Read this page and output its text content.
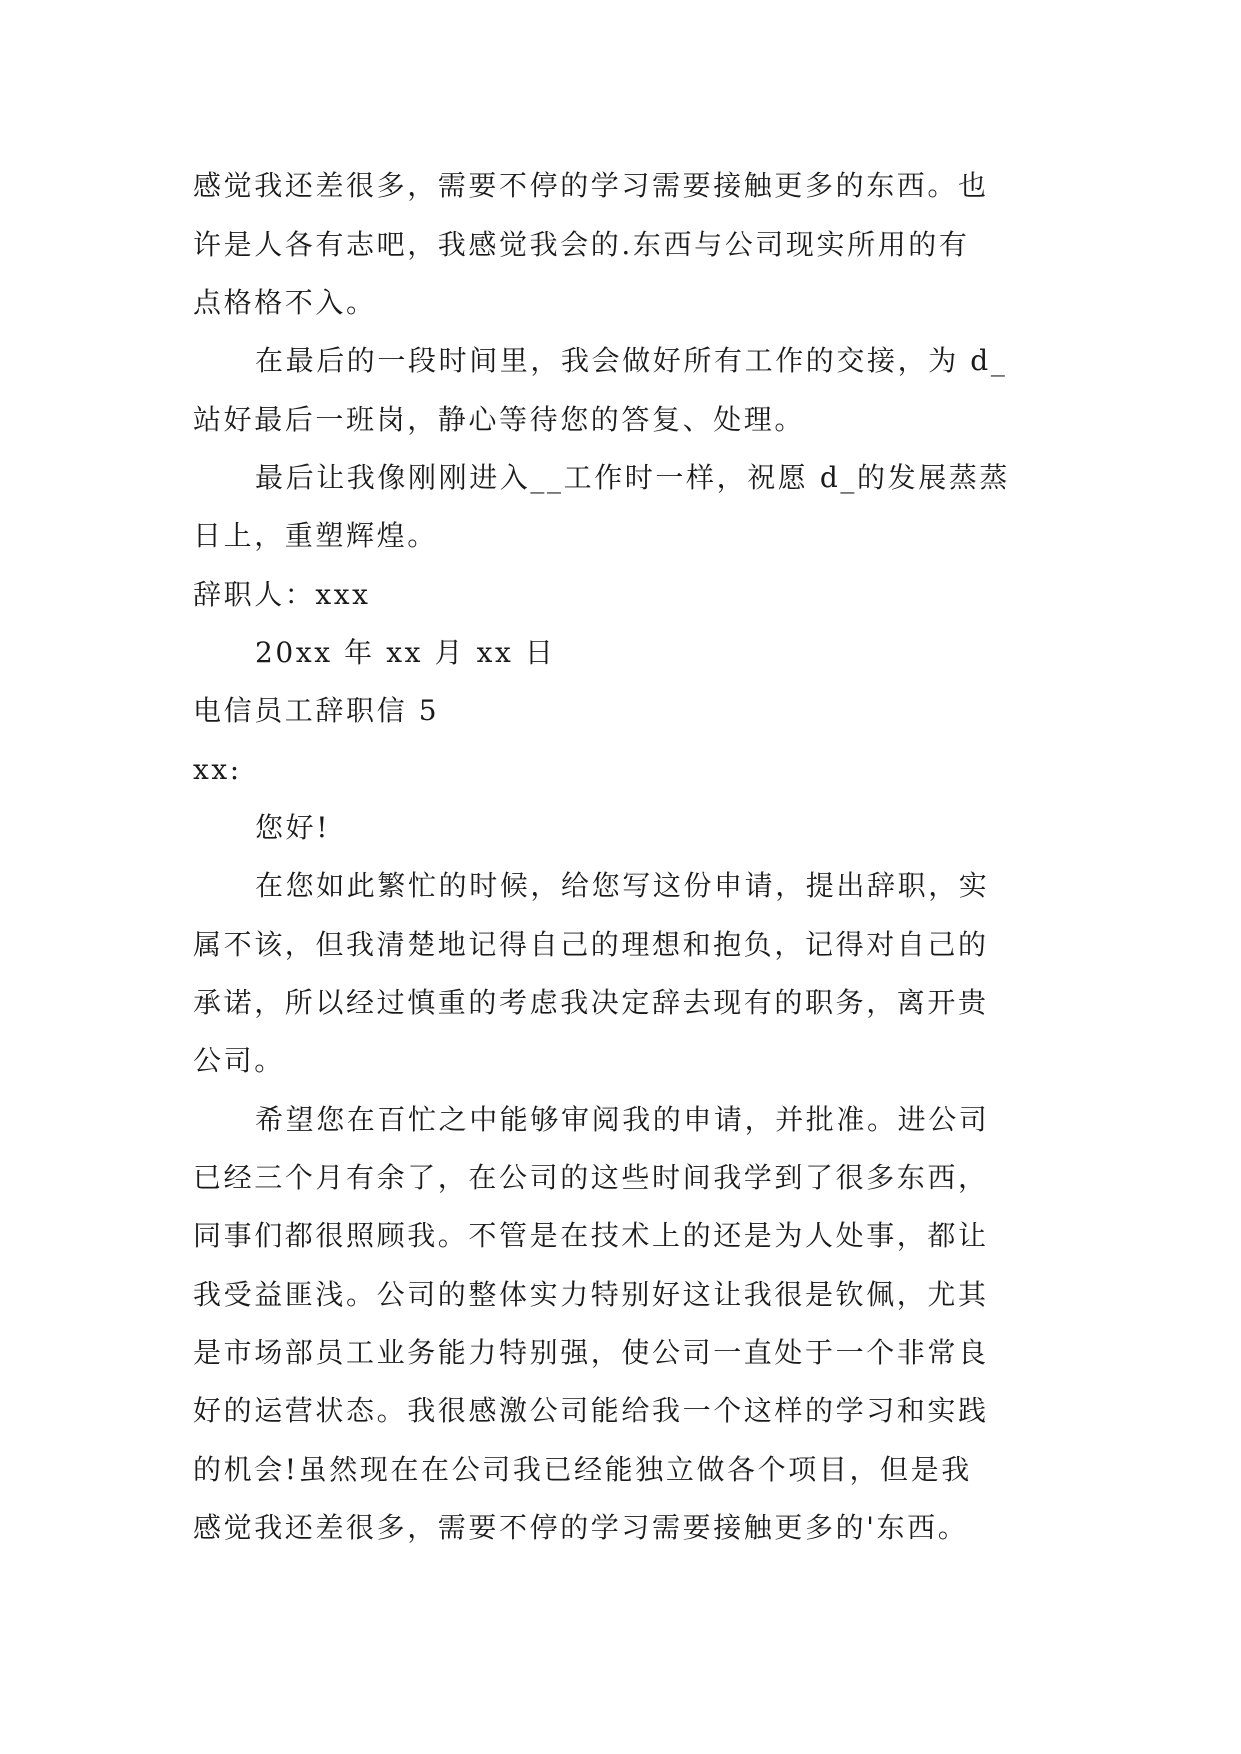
感觉我还差很多，需要不停的学习需要接触更多的东西。也

许是人各有志吧，我感觉我会的.东西与公司现实所用的有

点格格不入。

在最后的一段时间里，我会做好所有工作的交接，为 d_

站好最后一班岗，静心等待您的答复、处理。

最后让我像刚刚进入__工作时一样，祝愿 d_的发展蒸蒸

日上，重塑辉煌。

辞职人：xxx

20xx 年 xx 月 xx 日

电信员工辞职信 5

xx:

您好!

在您如此繁忙的时候，给您写这份申请，提出辞职，实

属不该，但我清楚地记得自己的理想和抱负，记得对自己的

承诺，所以经过慎重的考虑我决定辞去现有的职务，离开贵

公司。

希望您在百忙之中能够审阅我的申请，并批准。进公司

已经三个月有余了，在公司的这些时间我学到了很多东西，

同事们都很照顾我。不管是在技术上的还是为人处事，都让

我受益匪浅。公司的整体实力特别好这让我很是钦佩，尤其

是市场部员工业务能力特别强，使公司一直处于一个非常良

好的运营状态。我很感激公司能给我一个这样的学习和实践

的机会!虽然现在在公司我已经能独立做各个项目，但是我

感觉我还差很多，需要不停的学习需要接触更多的'东西。
